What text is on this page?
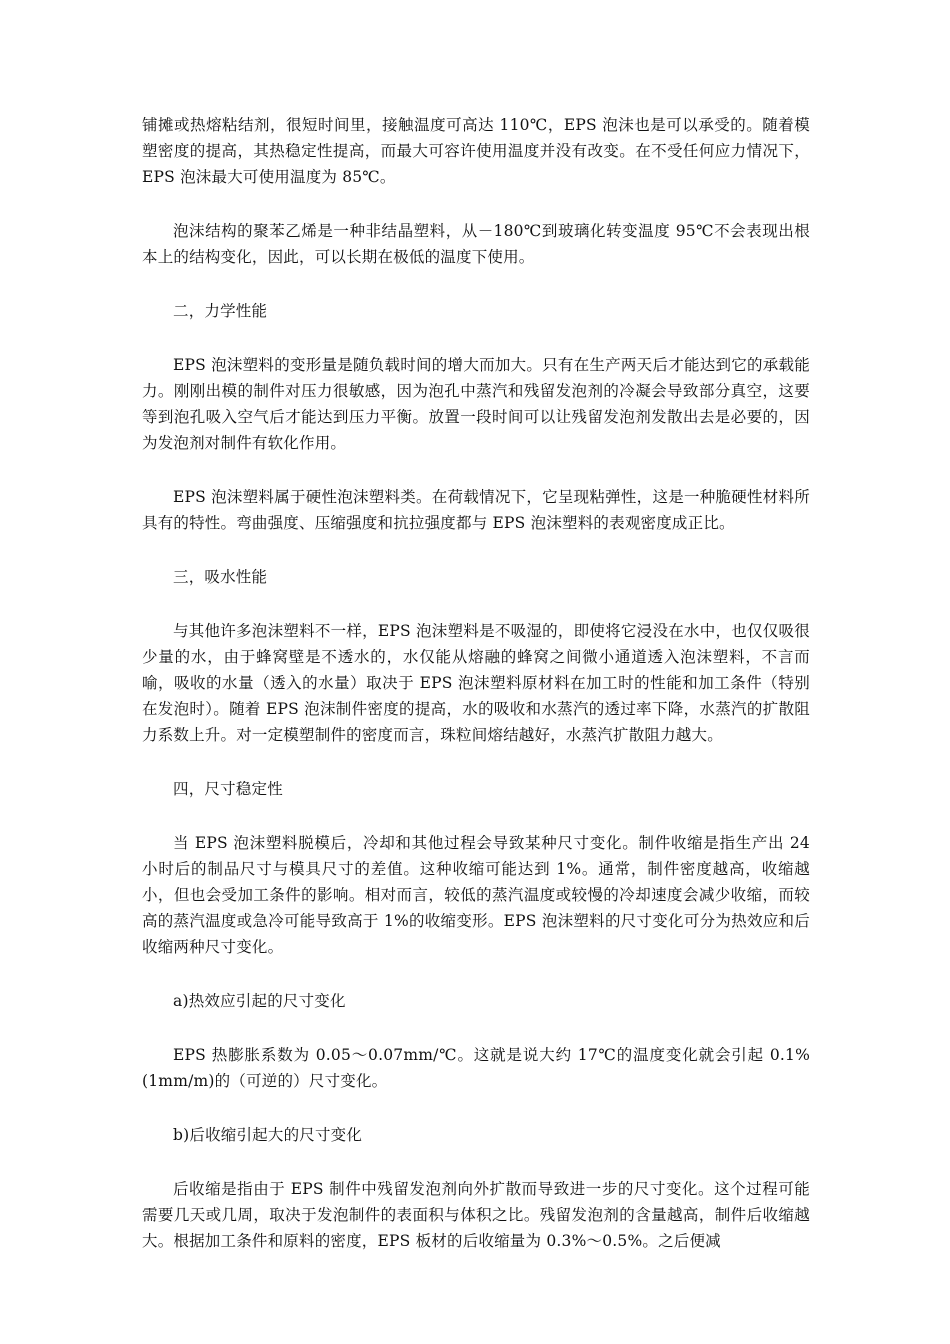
铺摊或热熔粘结剂，很短时间里，接触温度可高达 110℃，EPS 泡沫也是可以承受的。随着模塑密度的提高，其热稳定性提高，而最大可容许使用温度并没有改变。在不受任何应力情况下，EPS 泡沫最大可使用温度为 85℃。

泡沫结构的聚苯乙烯是一种非结晶塑料，从－180℃到玻璃化转变温度 95℃不会表现出根本上的结构变化，因此，可以长期在极低的温度下使用。

二，力学性能

EPS 泡沫塑料的变形量是随负载时间的增大而加大。只有在生产两天后才能达到它的承载能力。刚刚出模的制件对压力很敏感，因为泡孔中蒸汽和残留发泡剂的冷凝会导致部分真空，这要等到泡孔吸入空气后才能达到压力平衡。放置一段时间可以让残留发泡剂发散出去是必要的，因为发泡剂对制件有软化作用。

EPS 泡沫塑料属于硬性泡沫塑料类。在荷载情况下，它呈现粘弹性，这是一种脆硬性材料所具有的特性。弯曲强度、压缩强度和抗拉强度都与 EPS 泡沫塑料的表观密度成正比。

三，吸水性能

与其他许多泡沫塑料不一样，EPS 泡沫塑料是不吸湿的，即使将它浸没在水中，也仅仅吸很少量的水，由于蜂窝壁是不透水的，水仅能从熔融的蜂窝之间微小通道透入泡沫塑料，不言而喻，吸收的水量（透入的水量）取决于 EPS 泡沫塑料原材料在加工时的性能和加工条件（特别在发泡时）。随着 EPS 泡沫制件密度的提高，水的吸收和水蒸汽的透过率下降，水蒸汽的扩散阻力系数上升。对一定模塑制件的密度而言，珠粒间熔结越好，水蒸汽扩散阻力越大。

四，尺寸稳定性

当 EPS 泡沫塑料脱模后，冷却和其他过程会导致某种尺寸变化。制件收缩是指生产出 24 小时后的制品尺寸与模具尺寸的差值。这种收缩可能达到 1%。通常，制件密度越高，收缩越小，但也会受加工条件的影响。相对而言，较低的蒸汽温度或较慢的冷却速度会减少收缩，而较高的蒸汽温度或急冷可能导致高于 1%的收缩变形。EPS 泡沫塑料的尺寸变化可分为热效应和后收缩两种尺寸变化。

a)热效应引起的尺寸变化

EPS 热膨胀系数为 0.05～0.07mm/℃。这就是说大约 17℃的温度变化就会引起 0.1%(1mm/m)的（可逆的）尺寸变化。

b)后收缩引起大的尺寸变化

后收缩是指由于 EPS 制件中残留发泡剂向外扩散而导致进一步的尺寸变化。这个过程可能需要几天或几周，取决于发泡制件的表面积与体积之比。残留发泡剂的含量越高，制件后收缩越大。根据加工条件和原料的密度，EPS 板材的后收缩量为 0.3%～0.5%。之后便减
